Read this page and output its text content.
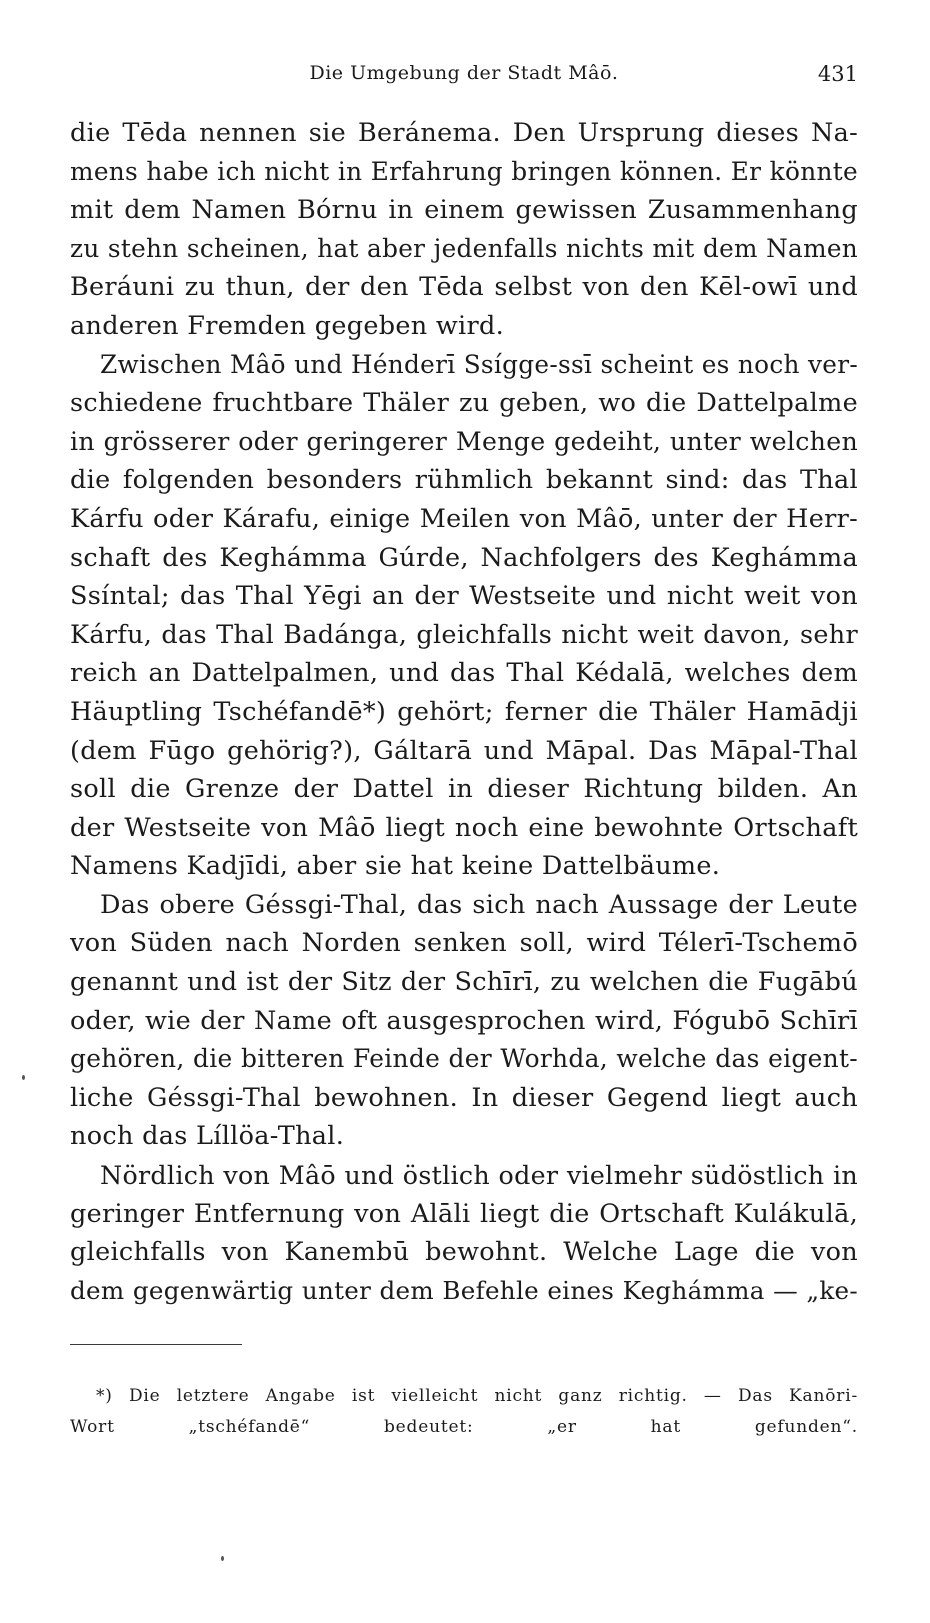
Die Umgebung der Stadt Mâō.	431

die Tēda nennen sie Beránema. Den Ursprung dieses Na-
mens habe ich nicht in Erfahrung bringen können. Er könnte
mit dem Namen Bórnu in einem gewissen Zusammenhang
zu stehn scheinen, hat aber jedenfalls nichts mit dem Namen
Beráuni zu thun, der den Tēda selbst von den Kēl-owī und
anderen Fremden gegeben wird.

Zwischen Mâō und Hénderī Ssígge-ssī scheint es noch ver-
schiedene fruchtbare Thäler zu geben, wo die Dattelpalme
in grösserer oder geringerer Menge gedeiht, unter welchen
die folgenden besonders rühmlich bekannt sind: das Thal
Kárfu oder Kárafu, einige Meilen von Mâō, unter der Herr-
schaft des Keghámma Gúrde, Nachfolgers des Keghámma
Ssíntal; das Thal Yēgi an der Westseite und nicht weit von
Kárfu, das Thal Badánga, gleichfalls nicht weit davon, sehr
reich an Dattelpalmen, und das Thal Kédalā, welches dem
Häuptling Tschéfandē*) gehört; ferner die Thäler Hamādji
(dem Fūgo gehörig?), Gáltarā und Māpal. Das Māpal-Thal
soll die Grenze der Dattel in dieser Richtung bilden. An
der Westseite von Mâō liegt noch eine bewohnte Ortschaft
Namens Kadjīdi, aber sie hat keine Dattelbäume.

Das obere Géssgi-Thal, das sich nach Aussage der Leute
von Süden nach Norden senken soll, wird Télerī-Tschemō
genannt und ist der Sitz der Schīrī, zu welchen die Fugābú
oder, wie der Name oft ausgesprochen wird, Fógubō Schīrī
gehören, die bitteren Feinde der Worhda, welche das eigent-
liche Géssgi-Thal bewohnen. In dieser Gegend liegt auch
noch das Líllöa-Thal.

Nördlich von Mâō und östlich oder vielmehr südöstlich in
geringer Entfernung von Alāli liegt die Ortschaft Kulákulā,
gleichfalls von Kanembū bewohnt. Welche Lage die von
dem gegenwärtig unter dem Befehle eines Keghámma — „ke-

*) Die letztere Angabe ist vielleicht nicht ganz richtig. — Das Kanōri-
Wort „tschéfandē“ bedeutet: „er hat gefunden“.
